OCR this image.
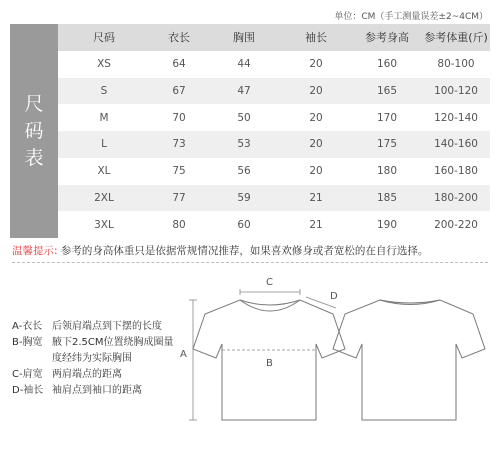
单位：CM（手工测量误差±2~4CM）
尺
码
表
尺码	衣长	胸围	袖长	参考身高	参考体重(斤)
XS	64	44	20	160	80-100
S	67	47	20	165	100-120
M	70	50	20	170	120-140
L	73	53	20	175	140-160
XL	75	56	20	180	160-180
2XL	77	59	21	185	180-200
3XL	80	60	21	190	200-220
温馨提示: 参考的身高体重只是依据常规情况推荐，如果喜欢修身或者宽松的在自行选择。
A
B
C
D
A-衣长 后领肩端点到下摆的长度
B-胸宽 腋下2.5CM位置绕胸成圈量
度经纬为实际胸围
C-肩宽 两肩端点的距离
D-袖长 袖肩点到袖口的距离
